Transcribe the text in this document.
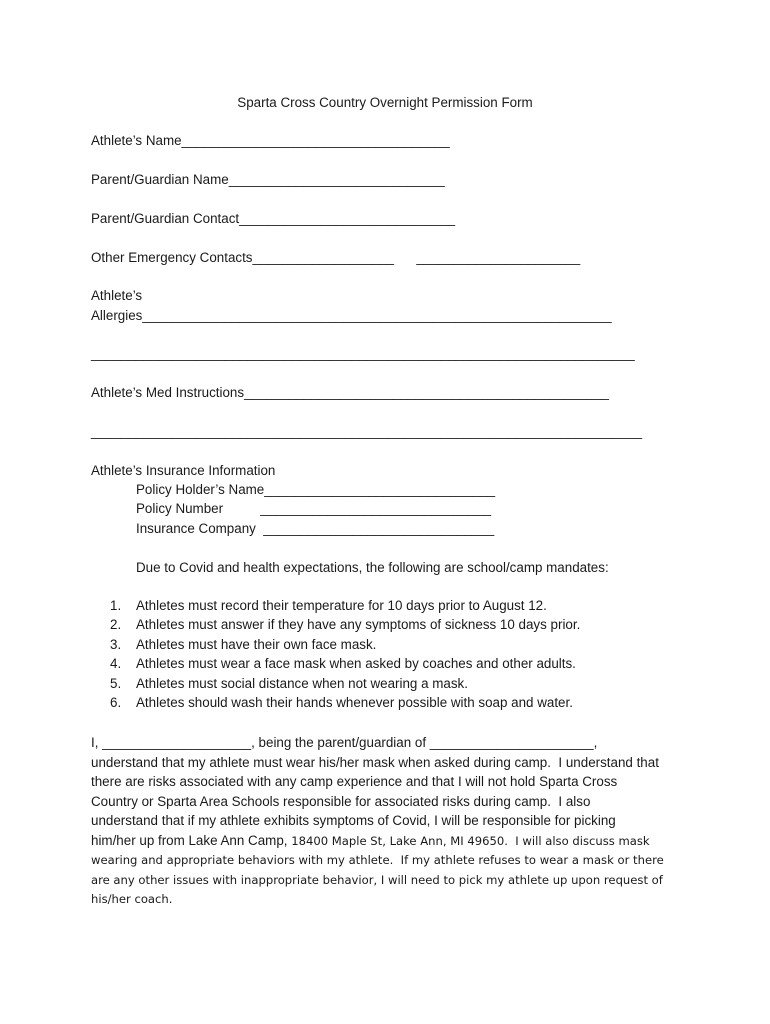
Sparta Cross Country Overnight Permission Form
Athlete’s Name____________________________________
Parent/Guardian Name_____________________________
Parent/Guardian Contact_____________________________
Other Emergency Contacts___________________      ______________________
Athlete’s
Allergies_______________________________________________________________
_________________________________________________________________________
Athlete’s Med Instructions_________________________________________________
__________________________________________________________________________
Athlete’s Insurance Information
Policy Holder’s Name_______________________________
Policy Number          _______________________________
Insurance Company  _______________________________
Due to Covid and health expectations, the following are school/camp mandates:
1. Athletes must record their temperature for 10 days prior to August 12.
2. Athletes must answer if they have any symptoms of sickness 10 days prior.
3. Athletes must have their own face mask.
4. Athletes must wear a face mask when asked by coaches and other adults.
5. Athletes must social distance when not wearing a mask.
6. Athletes should wash their hands whenever possible with soap and water.

I, ____________________, being the parent/guardian of ______________________,

understand that my athlete must wear his/her mask when asked during camp.  I understand that

there are risks associated with any camp experience and that I will not hold Sparta Cross

Country or Sparta Area Schools responsible for associated risks during camp.  I also

understand that if my athlete exhibits symptoms of Covid, I will be responsible for picking

him/her up from Lake Ann Camp, 18400 Maple St, Lake Ann, MI 49650.  I will also discuss mask

wearing and appropriate behaviors with my athlete.  If my athlete refuses to wear a mask or there

are any other issues with inappropriate behavior, I will need to pick my athlete up upon request of

his/her coach.
